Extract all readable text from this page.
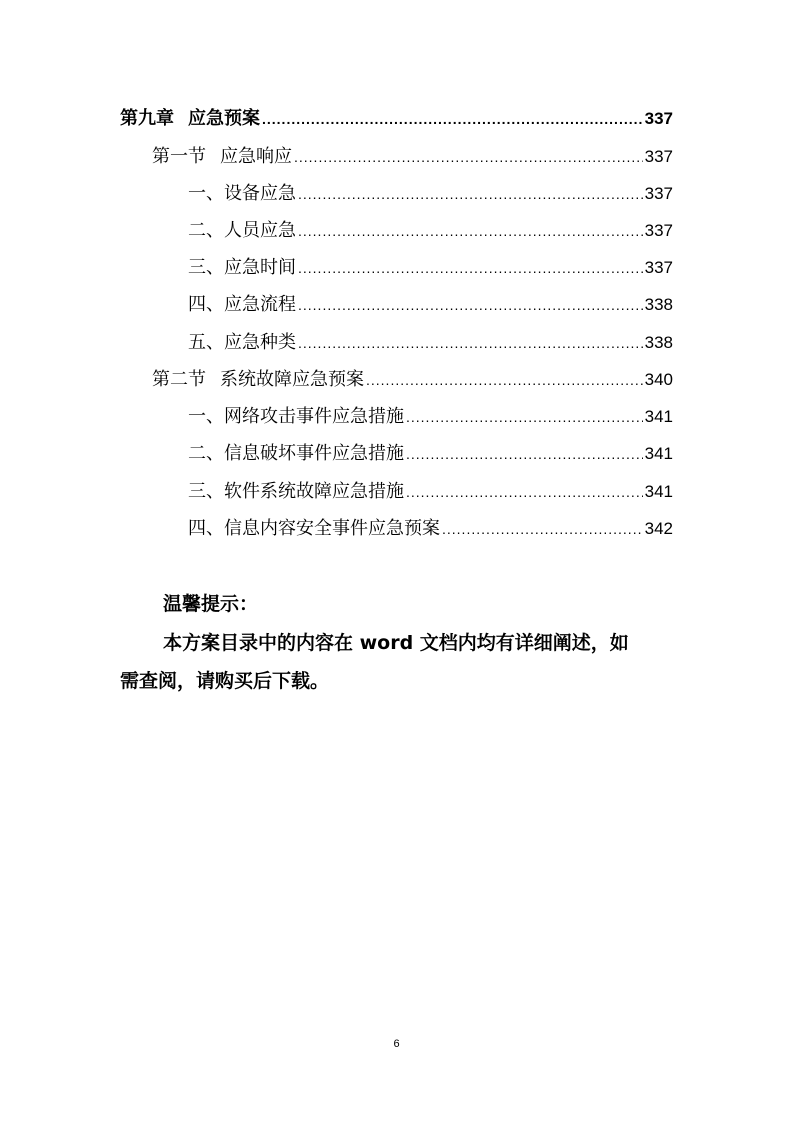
第九章 应急预案 .....	337
第一节 应急响应 .....	337
一、 设备应急 .....	337
二、 人员应急 .....	337
三、 应急时间 .....	337
四、 应急流程 .....	338
五、 应急种类 .....	338
第二节 系统故障应急预案 .....	340
一、 网络攻击事件应急措施 .....	341
二、 信息破坏事件应急措施 .....	341
三、 软件系统故障应急措施 .....	341
四、 信息内容安全事件应急预案 .....	342
温馨提示：
本方案目录中的内容在 word 文档内均有详细阐述，如
需查阅，请购买后下载。
6
